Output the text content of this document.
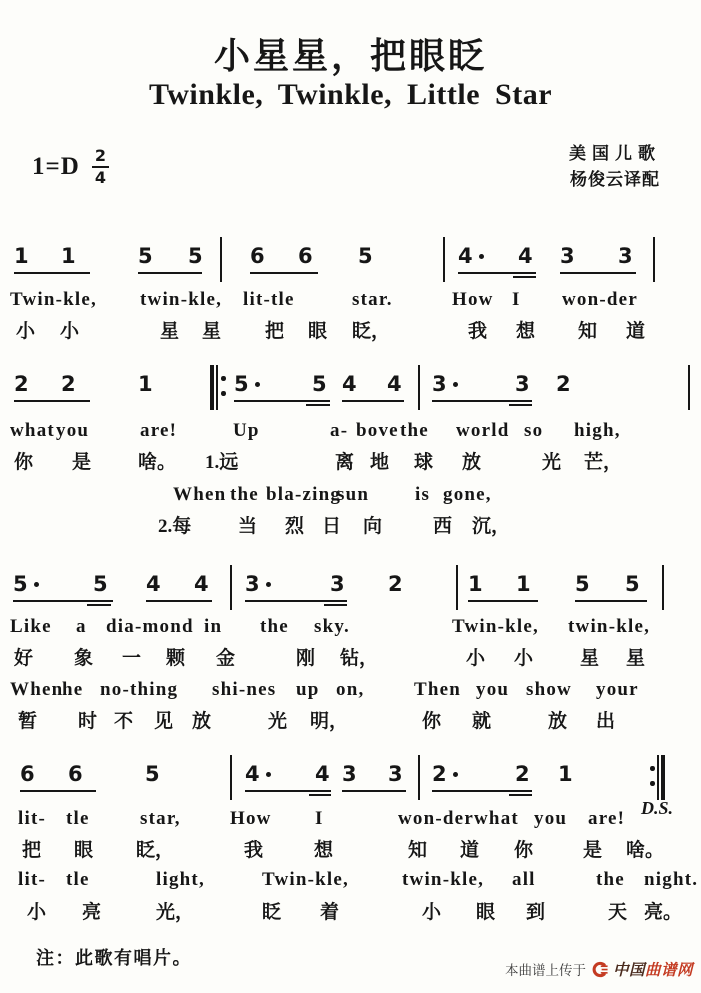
小星星，把眼眨
Twinkle, Twinkle, Little Star
$1=D \frac{2}{4}$	美国儿歌
杨俊云译配
1 1	5 5 6 6 5	4 4 3 3
Twin-kle, twin-kle, lit-tle	star.	How I won-der
小 小	星 星 把 眼 眨，	我 想 知 道
2 2	1	5	5 4 4 3	3 2
what you	are!	Up	a- bove the world so high,
你 是 啥。 1.远	离 地 球 放	光 芒，
When the bla-zing
sun is gone,
2.每 当 烈 日 向	西 沉，
5	5 4 4 3	3 2	1 1 5 5
Like a dia-mond in the sky.	Twin-kle, twin-kle,
好 象 一 颗 金	刚 钻，	小 小 星 星
When
he no-thing shi-nes up on,	Then you show your
暂 时 不 见 放	光 明，	你 就	放 出
6 6	5	4	4 3 3 2	2 1
D.S.
lit- tle	star,	How I	won-der what you are!
把 眼 眨，	我	想	知 道 你	是 啥。
lit- tle	light,	Twin-kle,	twin-kle, all	the night.
小 亮	光，	眨 着	小 眼 到	天 亮。
注：此歌有唱片。
本曲谱上传于 中国曲谱网
